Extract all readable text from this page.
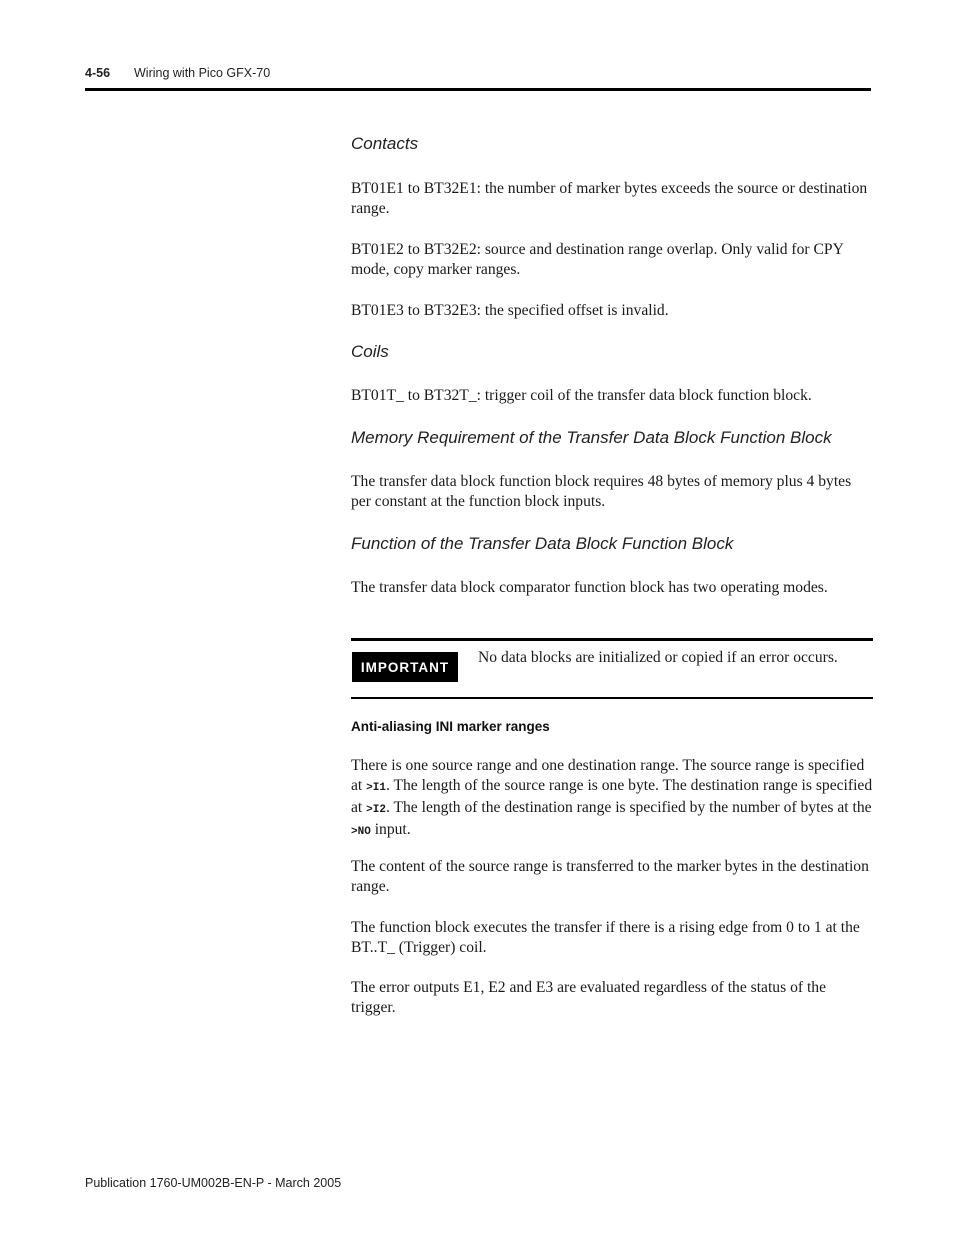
4-56 Wiring with Pico GFX-70
Contacts

BT01E1 to BT32E1: the number of marker bytes exceeds the source or destination range.

BT01E2 to BT32E2: source and destination range overlap. Only valid for CPY mode, copy marker ranges.

BT01E3 to BT32E3: the specified offset is invalid.

Coils

BT01T_ to BT32T_: trigger coil of the transfer data block function block.

Memory Requirement of the Transfer Data Block Function Block

The transfer data block function block requires 48 bytes of memory plus 4 bytes per constant at the function block inputs.

Function of the Transfer Data Block Function Block

The transfer data block comparator function block has two operating modes.

IMPORTANT

No data blocks are initialized or copied if an error occurs.

Anti-aliasing INI marker ranges

There is one source range and one destination range. The source range is specified at >I1. The length of the source range is one byte. The destination range is specified at >I2. The length of the destination range is specified by the number of bytes at the >NO input.

The content of the source range is transferred to the marker bytes in the destination range.

The function block executes the transfer if there is a rising edge from 0 to 1 at the BT..T_ (Trigger) coil.

The error outputs E1, E2 and E3 are evaluated regardless of the status of the trigger.

Publication 1760-UM002B-EN-P - March 2005
